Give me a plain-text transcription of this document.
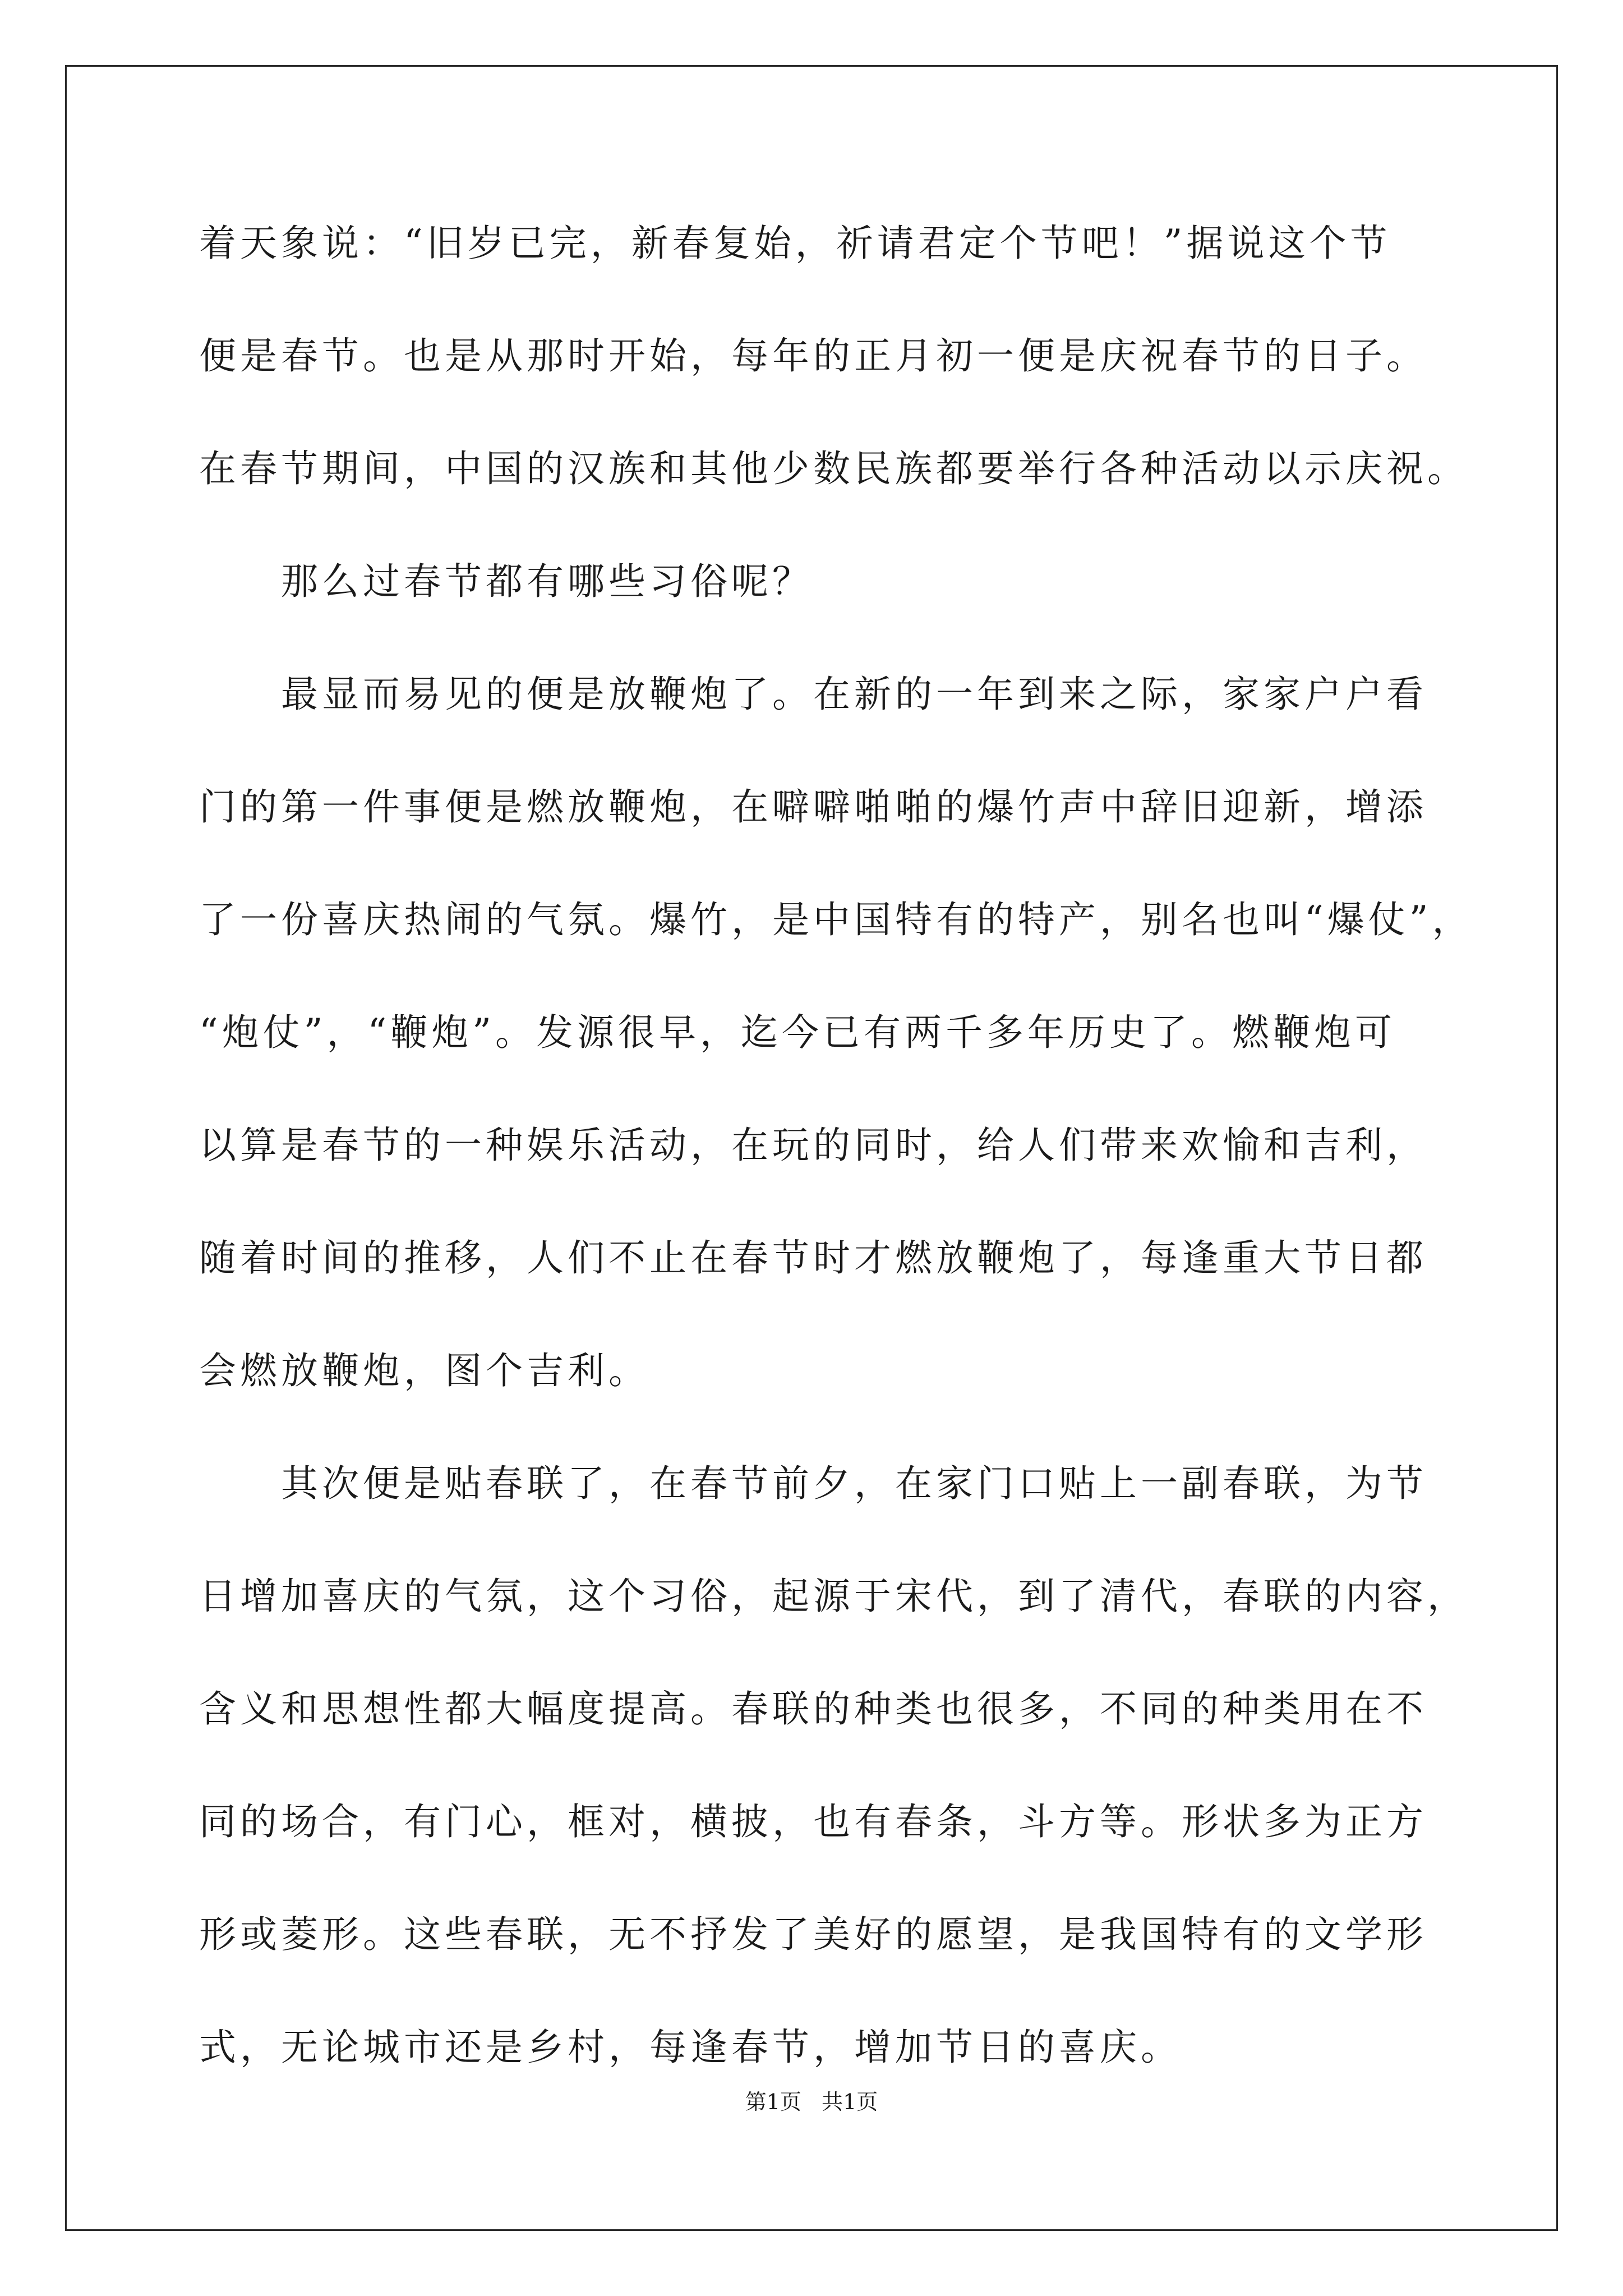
着天象说：“旧岁已完，新春复始，祈请君定个节吧！”据说这个节
便是春节。也是从那时开始，每年的正月初一便是庆祝春节的日子。
在春节期间，中国的汉族和其他少数民族都要举行各种活动以示庆祝。
那么过春节都有哪些习俗呢？
最显而易见的便是放鞭炮了。在新的一年到来之际，家家户户看
门的第一件事便是燃放鞭炮，在噼噼啪啪的爆竹声中辞旧迎新，增添
了一份喜庆热闹的气氛。爆竹，是中国特有的特产，别名也叫“爆仗”，
“炮仗”，“鞭炮”。发源很早，迄今已有两千多年历史了。燃鞭炮可
以算是春节的一种娱乐活动，在玩的同时，给人们带来欢愉和吉利，
随着时间的推移，人们不止在春节时才燃放鞭炮了，每逢重大节日都
会燃放鞭炮，图个吉利。
其次便是贴春联了，在春节前夕，在家门口贴上一副春联，为节
日增加喜庆的气氛，这个习俗，起源于宋代，到了清代，春联的内容，
含义和思想性都大幅度提高。春联的种类也很多，不同的种类用在不
同的场合，有门心，框对，横披，也有春条，斗方等。形状多为正方
形或菱形。这些春联，无不抒发了美好的愿望，是我国特有的文学形
式，无论城市还是乡村，每逢春节，增加节日的喜庆。
第1页 共1页
